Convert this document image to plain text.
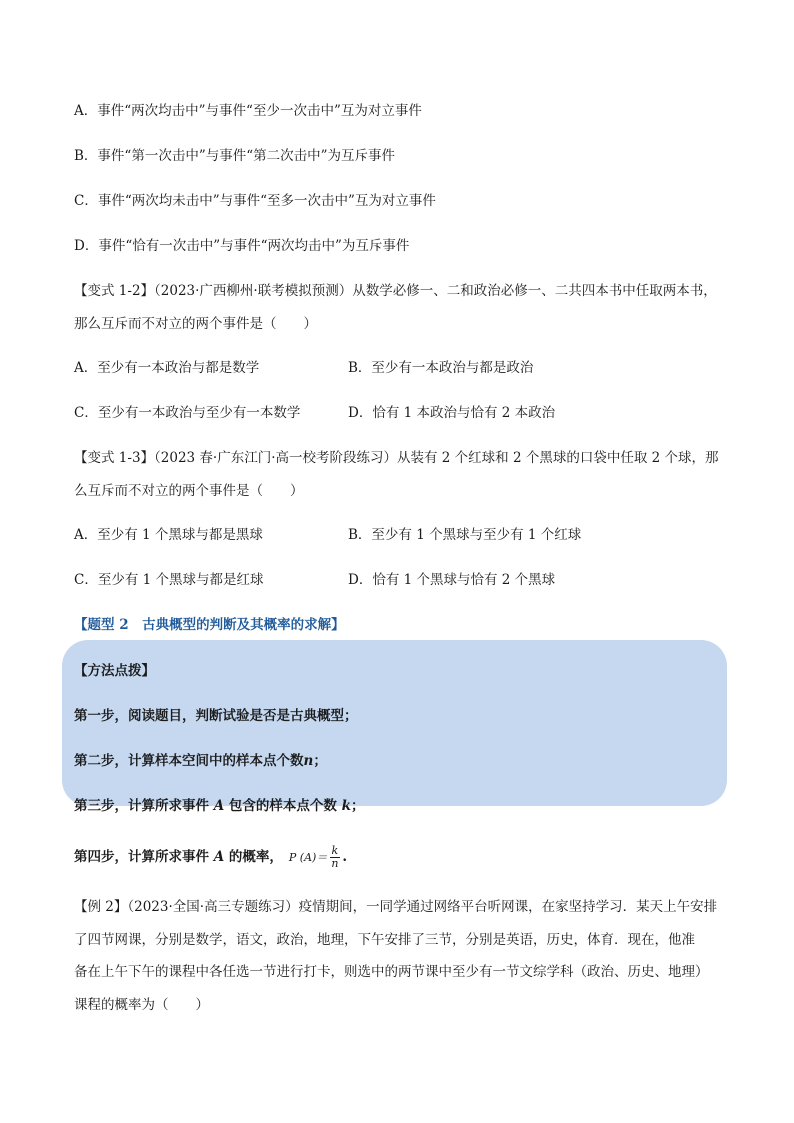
A．事件“两次均击中”与事件“至少一次击中”互为对立事件
B．事件“第一次击中”与事件“第二次击中”为互斥事件
C．事件“两次均未击中”与事件“至多一次击中”互为对立事件
D．事件“恰有一次击中”与事件“两次均击中”为互斥事件
【变式 1-2】（2023·广西柳州·联考模拟预测）从数学必修一、二和政治必修一、二共四本书中任取两本书，
那么互斥而不对立的两个事件是（　　）
A．至少有一本政治与都是数学	B．至少有一本政治与都是政治
C．至少有一本政治与至少有一本数学	D．恰有 1 本政治与恰有 2 本政治
【变式 1-3】（2023 春·广东江门·高一校考阶段练习）从装有 2 个红球和 2 个黑球的口袋中任取 2 个球，那
么互斥而不对立的两个事件是（　　）
A．至少有 1 个黑球与都是黑球	B．至少有 1 个黑球与至少有 1 个红球
C．至少有 1 个黑球与都是红球	D．恰有 1 个黑球与恰有 2 个黑球
【题型 2　古典概型的判断及其概率的求解】
【方法点拨】
第一步，阅读题目，判断试验是否是古典概型；
第二步，计算样本空间中的样本点个数n；
第三步，计算所求事件 A 包含的样本点个数 k；
第四步，计算所求事件 A 的概率， P $(A)= \frac{k}{n}$ .
【例 2】（2023·全国·高三专题练习）疫情期间，一同学通过网络平台听网课，在家坚持学习．某天上午安排
了四节网课，分别是数学，语文，政治，地理，下午安排了三节，分别是英语，历史，体育．现在，他准
备在上午下午的课程中各任选一节进行打卡，则选中的两节课中至少有一节文综学科（政治、历史、地理）
课程的概率为（　　）
